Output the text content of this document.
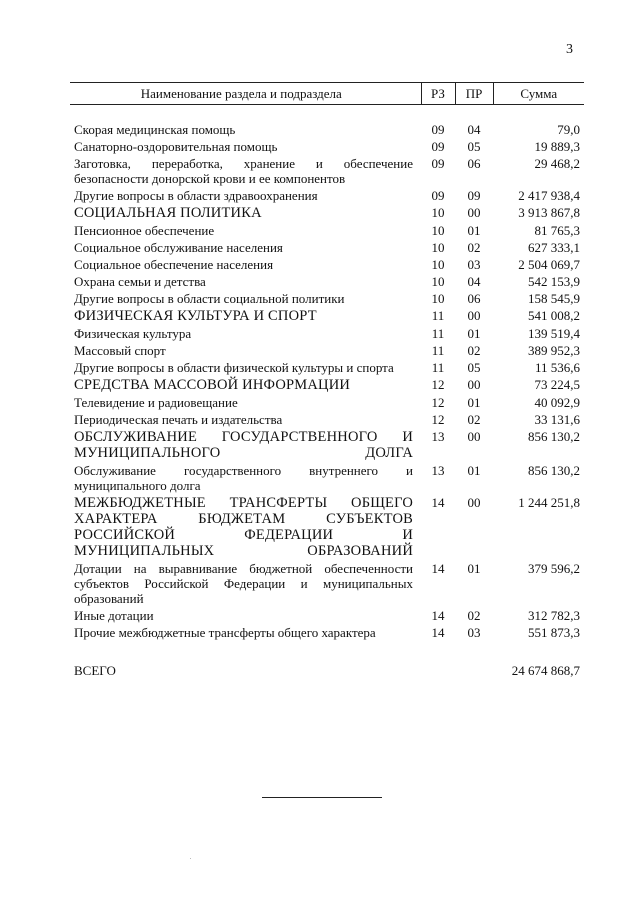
3
Наименование раздела и подраздела	РЗ	ПР	Сумма

Скорая медицинская помощь	09	04	79,0
Санаторно-оздоровительная помощь	09	05	19 889,3
Заготовка, переработка, хранение и обеспечение безопасности донорской крови и ее компонентов	09	06	29 468,2
Другие вопросы в области здравоохранения	09	09	2 417 938,4
СОЦИАЛЬНАЯ ПОЛИТИКА	10	00	3 913 867,8
Пенсионное обеспечение	10	01	81 765,3
Социальное обслуживание населения	10	02	627 333,1
Социальное обеспечение населения	10	03	2 504 069,7
Охрана семьи и детства	10	04	542 153,9
Другие вопросы в области социальной политики	10	06	158 545,9
ФИЗИЧЕСКАЯ КУЛЬТУРА И СПОРТ	11	00	541 008,2
Физическая культура	11	01	139 519,4
Массовый спорт	11	02	389 952,3
Другие вопросы в области физической культуры и спорта	11	05	11 536,6
СРЕДСТВА МАССОВОЙ ИНФОРМАЦИИ	12	00	73 224,5
Телевидение и радиовещание	12	01	40 092,9
Периодическая печать и издательства	12	02	33 131,6
ОБСЛУЖИВАНИЕ ГОСУДАРСТВЕННОГО И МУНИЦИПАЛЬНОГО ДОЛГА	13	00	856 130,2
Обслуживание государственного внутреннего и муниципального долга	13	01	856 130,2
МЕЖБЮДЖЕТНЫЕ ТРАНСФЕРТЫ ОБЩЕГО ХАРАКТЕРА БЮДЖЕТАМ СУБЪЕКТОВ РОССИЙСКОЙ ФЕДЕРАЦИИ И МУНИЦИПАЛЬНЫХ ОБРАЗОВАНИЙ	14	00	1 244 251,8
Дотации на выравнивание бюджетной обеспеченности субъектов Российской Федерации и муниципальных образований	14	01	379 596,2
Иные дотации	14	02	312 782,3
Прочие межбюджетные трансферты общего характера	14	03	551 873,3

ВСЕГО			24 674 868,7
